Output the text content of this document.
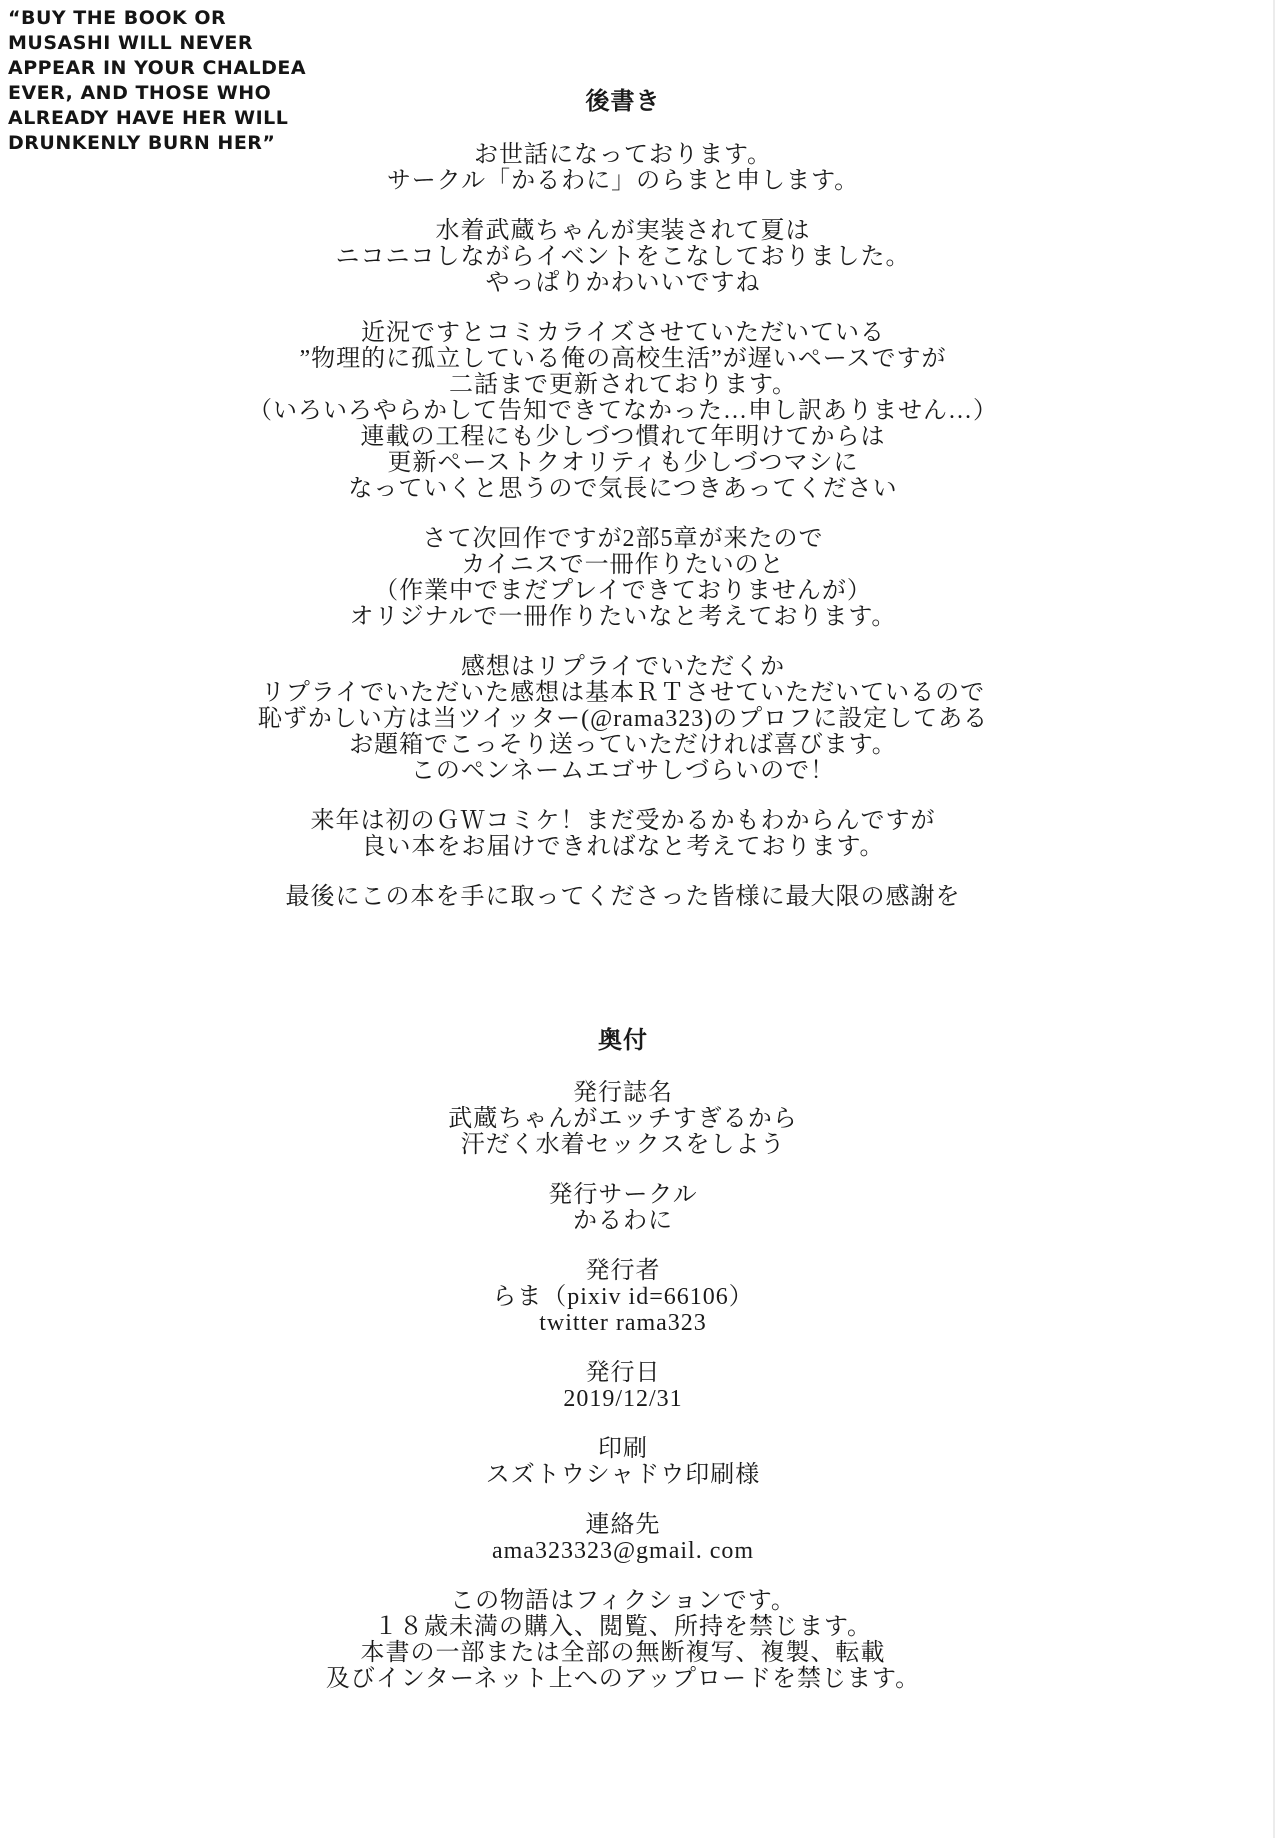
“BUY THE BOOK OR
MUSASHI WILL NEVER
APPEAR IN YOUR CHALDEA
EVER, AND THOSE WHO
ALREADY HAVE HER WILL
DRUNKENLY BURN HER”
後書き

お世話になっております。
サークル「かるわに」のらまと申します。

水着武蔵ちゃんが実装されて夏は
ニコニコしながらイベントをこなしておりました。
やっぱりかわいいですね

近況ですとコミカライズさせていただいている
”物理的に孤立している俺の高校生活”が遅いペースですが
二話まで更新されております。
（いろいろやらかして告知できてなかった…申し訳ありません…）
連載の工程にも少しづつ慣れて年明けてからは
更新ペーストクオリティも少しづつマシに
なっていくと思うので気長につきあってください

さて次回作ですが2部5章が来たので
カイニスで一冊作りたいのと
（作業中でまだプレイできておりませんが）
オリジナルで一冊作りたいなと考えております。

感想はリプライでいただくか
リプライでいただいた感想は基本ＲＴさせていただいているので
恥ずかしい方は当ツイッター(@rama323)のプロフに設定してある
お題箱でこっそり送っていただければ喜びます。
このペンネームエゴサしづらいので！

来年は初のＧＷコミケ！まだ受かるかもわからんですが
良い本をお届けできればなと考えております。

最後にこの本を手に取ってくださった皆様に最大限の感謝を

奥付
発行誌名
武蔵ちゃんがエッチすぎるから
汗だく水着セックスをしよう
発行サークル
かるわに
発行者
らま（pixiv id=66106）
twitter rama323
発行日
2019/12/31
印刷
スズトウシャドウ印刷様
連絡先
ama323323@gmail. com

この物語はフィクションです。
１８歳未満の購入、閲覧、所持を禁じます。
本書の一部または全部の無断複写、複製、転載
及びインターネット上へのアップロードを禁じます。
